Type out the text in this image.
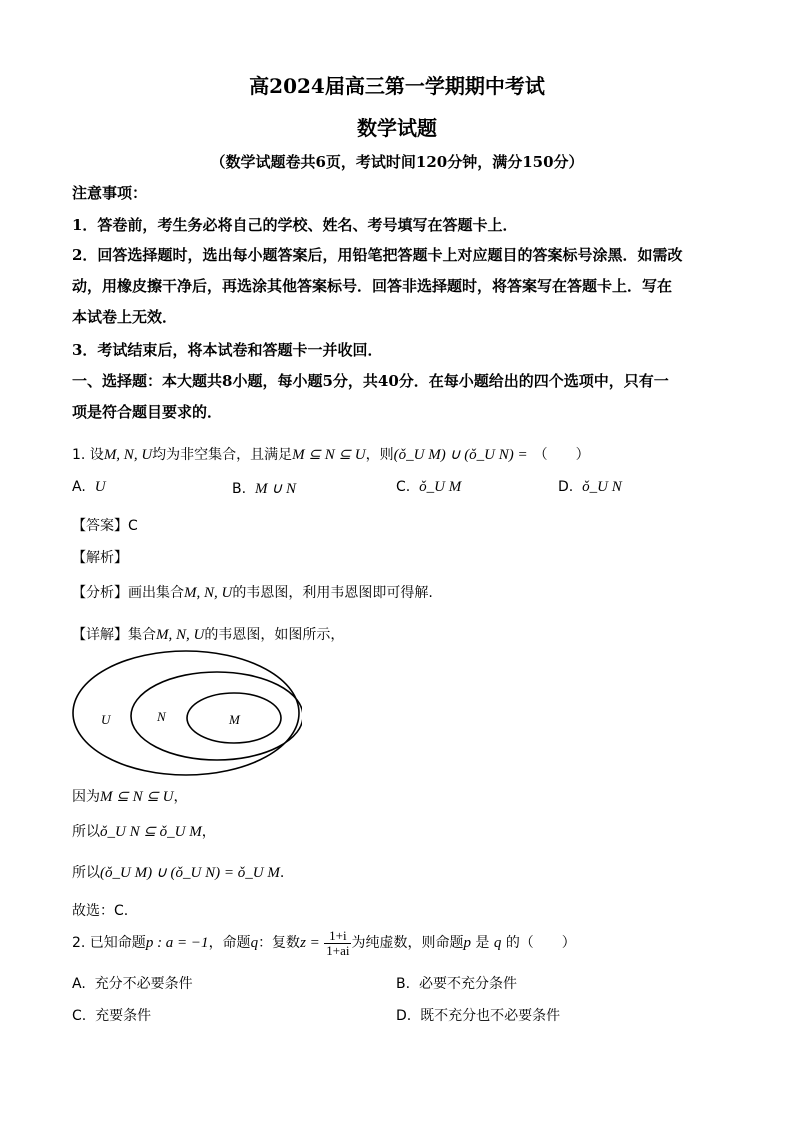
高2024届高三第一学期期中考试
数学试题
（数学试题卷共6页，考试时间120分钟，满分150分）
注意事项：
1．答卷前，考生务必将自己的学校、姓名、考号填写在答题卡上．
2．回答选择题时，选出每小题答案后，用铅笔把答题卡上对应题目的答案标号涂黑．如需改
动，用橡皮擦干净后，再选涂其他答案标号．回答非选择题时，将答案写在答题卡上．写在
本试卷上无效．
3．考试结束后，将本试卷和答题卡一并收回．
一、选择题：本大题共8小题，每小题5分，共40分．在每小题给出的四个选项中，只有一
项是符合题目要求的．
1. 设M, N, U均为非空集合，且满足M ⊆ N ⊆ U，则(ǒ_U M) ∪ (ǒ_U N) = （　　）
A. U	B. M ∪ N	C. ǒ_U M	D. ǒ_U N
【答案】C
【解析】
【分析】画出集合M, N, U的韦恩图，利用韦恩图即可得解.
【详解】集合M, N, U的韦恩图，如图所示，
U	N	M
因为M ⊆ N ⊆ U，
所以ǒ_U N ⊆ ǒ_U M，
所以(ǒ_U M) ∪ (ǒ_U N) = ǒ_U M.
故选：C.
2. 已知命题p : a = −1，命题q：复数$z = \frac{1+i}{1+ai}$ 为纯虚数，则命题p 是 q 的（　　）
A. 充分不必要条件	B. 必要不充分条件
C. 充要条件	D. 既不充分也不必要条件
